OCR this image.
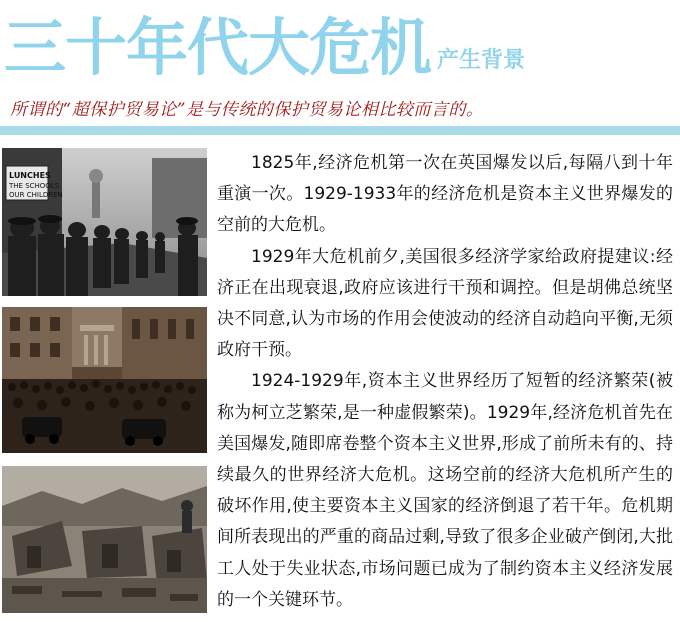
三十年代大危机 产生背景
所谓的“超保护贸易论”是与传统的保护贸易论相比较而言的。
LUNCHES
THE SCHOOLS
OUR CHILDREN

1825年,经济危机第一次在英国爆发以后,每隔八到十年重演一次。1929-1933年的经济危机是资本主义世界爆发的空前的大危机。

1929年大危机前夕,美国很多经济学家给政府提建议:经济正在出现衰退,政府应该进行干预和调控。但是胡佛总统坚决不同意,认为市场的作用会使波动的经济自动趋向平衡,无须政府干预。

1924-1929年,资本主义世界经历了短暂的经济繁荣(被称为柯立芝繁荣,是一种虚假繁荣)。1929年,经济危机首先在美国爆发,随即席卷整个资本主义世界,形成了前所未有的、持续最久的世界经济大危机。这场空前的经济大危机所产生的破坏作用,使主要资本主义国家的经济倒退了若干年。危机期间所表现出的严重的商品过剩,导致了很多企业破产倒闭,大批工人处于失业状态,市场问题已成为了制约资本主义经济发展的一个关键环节。
